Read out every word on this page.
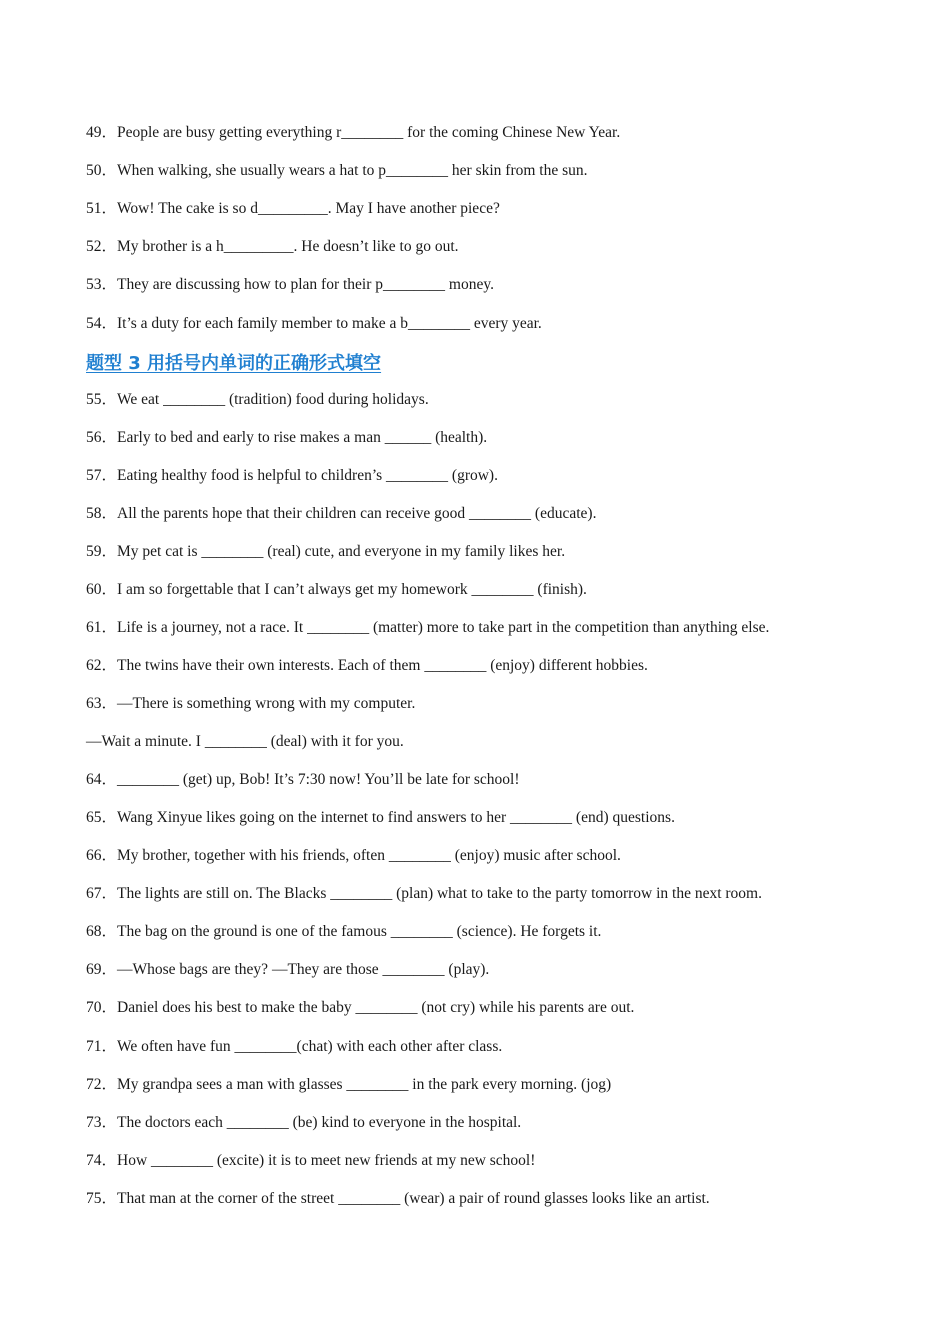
49．People are busy getting everything r________ for the coming Chinese New Year.
50．When walking, she usually wears a hat to p________ her skin from the sun.
51．Wow! The cake is so d_________. May I have another piece?
52．My brother is a h_________. He doesn’t like to go out.
53．They are discussing how to plan for their p________ money.
54．It’s a duty for each family member to make a b________ every year.
题型 3 用括号内单词的正确形式填空
55．We eat ________ (tradition) food during holidays.
56．Early to bed and early to rise makes a man ______ (health).
57．Eating healthy food is helpful to children’s ________ (grow).
58．All the parents hope that their children can receive good ________ (educate).
59．My pet cat is ________ (real) cute, and everyone in my family likes her.
60．I am so forgettable that I can’t always get my homework ________ (finish).
61．Life is a journey, not a race. It ________ (matter) more to take part in the competition than anything else.
62．The twins have their own interests. Each of them ________ (enjoy) different hobbies.
63．—There is something wrong with my computer.
—Wait a minute. I ________ (deal) with it for you.
64．________ (get) up, Bob! It’s 7:30 now! You’ll be late for school!
65．Wang Xinyue likes going on the internet to find answers to her ________ (end) questions.
66．My brother, together with his friends, often ________ (enjoy) music after school.
67．The lights are still on. The Blacks ________ (plan) what to take to the party tomorrow in the next room.
68．The bag on the ground is one of the famous ________ (science). He forgets it.
69．—Whose bags are they? —They are those ________ (play).
70．Daniel does his best to make the baby ________ (not cry) while his parents are out.
71．We often have fun ________(chat) with each other after class.
72．My grandpa sees a man with glasses ________ in the park every morning. (jog)
73．The doctors each ________ (be) kind to everyone in the hospital.
74．How ________ (excite) it is to meet new friends at my new school!
75．That man at the corner of the street ________ (wear) a pair of round glasses looks like an artist.
